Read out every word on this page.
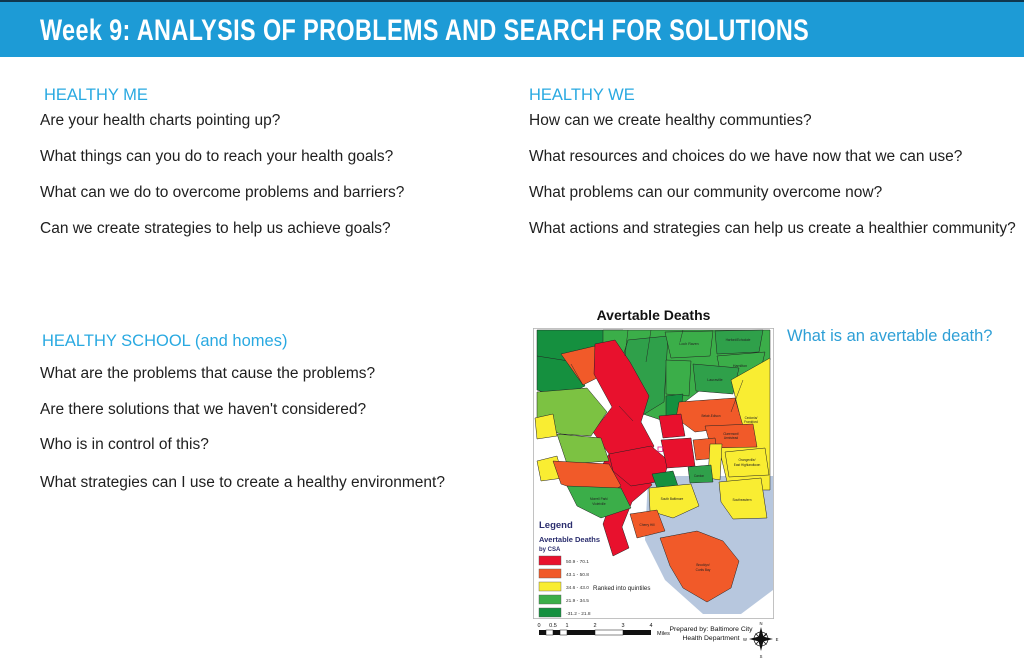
Week 9: ANALYSIS OF PROBLEMS AND SEARCH FOR SOLUTIONS
HEALTHY ME
Are your health charts pointing up?
What things can you do to reach your health goals?
What can we do to overcome problems and barriers?
Can we create strategies to help us achieve goals?
HEALTHY WE
How can we create healthy communties?
What resources and choices do we have now that we can use?
What problems can our community overcome now?
What actions and strategies can help us create a healthier community?
HEALTHY SCHOOL (and homes)
What are the problems that cause the problems?
Are there solutions that we haven't considered?
Who is in control of this?
What strategies can I use to create a healthy environment?
Avertable Deaths
What is an avertable death?
Loch Raven
Harford/Echodale
Hamilton
Lauraville
Cedonia/
Frankford
Belair-Edison
Claremont/
Armistead
Orangeville/
East Highlandtown
Southeastern
South Baltimore
Cherry Hill
Brooklyn/
Curtis Bay
Morrell Park/
Violetville
Canton
Legend
Avertable Deaths
by CSA
50.9 - 70.1
43.1 - 50.8
34.6 - 43.0
21.9 - 34.5
-31.2 - 21.8
Ranked into quintiles
0 0.5 1	2	3	4
Miles
Prepared by: Baltimore City
Health Department
N
S
W	E
